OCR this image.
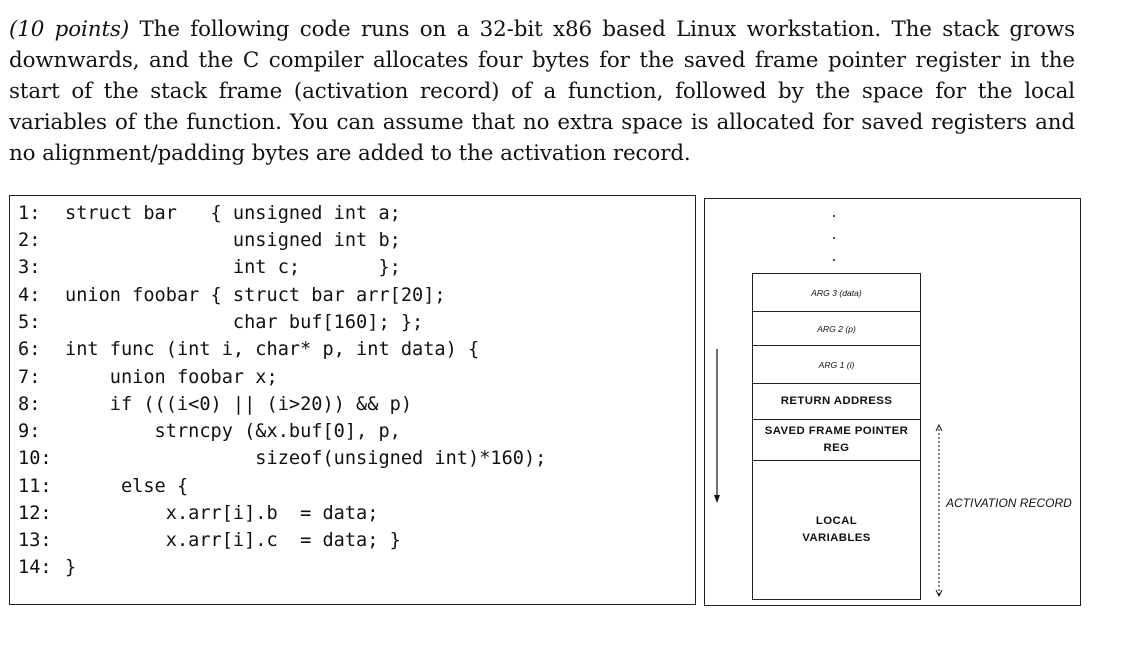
(10 points) The following code runs on a 32-bit x86 based Linux workstation. The stack grows downwards, and the C compiler allocates four bytes for the saved frame pointer register in the start of the stack frame (activation record) of a function, followed by the space for the local variables of the function. You can assume that no extra space is allocated for saved registers and no alignment/padding bytes are added to the activation record.

1: struct bar   { unsigned int a;
2: unsigned int b;
3: int c;       };
4: union foobar { struct bar arr[20];
5: char buf[160]; };
6: int func (int i, char* p, int data) {
7: union foobar x;
8: if (((i<0) || (i>20)) && p)
9: strncpy (&x.buf[0], p,
10: sizeof(unsigned int)*160);
11: else {
12: x.arr[i].b  = data;
13: x.arr[i].c  = data; }
14: }
ARG 3 (data)
ARG 2 (p)
ARG 1 (i)
RETURN ADDRESS
SAVED FRAME POINTER REG
LOCAL VARIABLES
ACTIVATION RECORD
